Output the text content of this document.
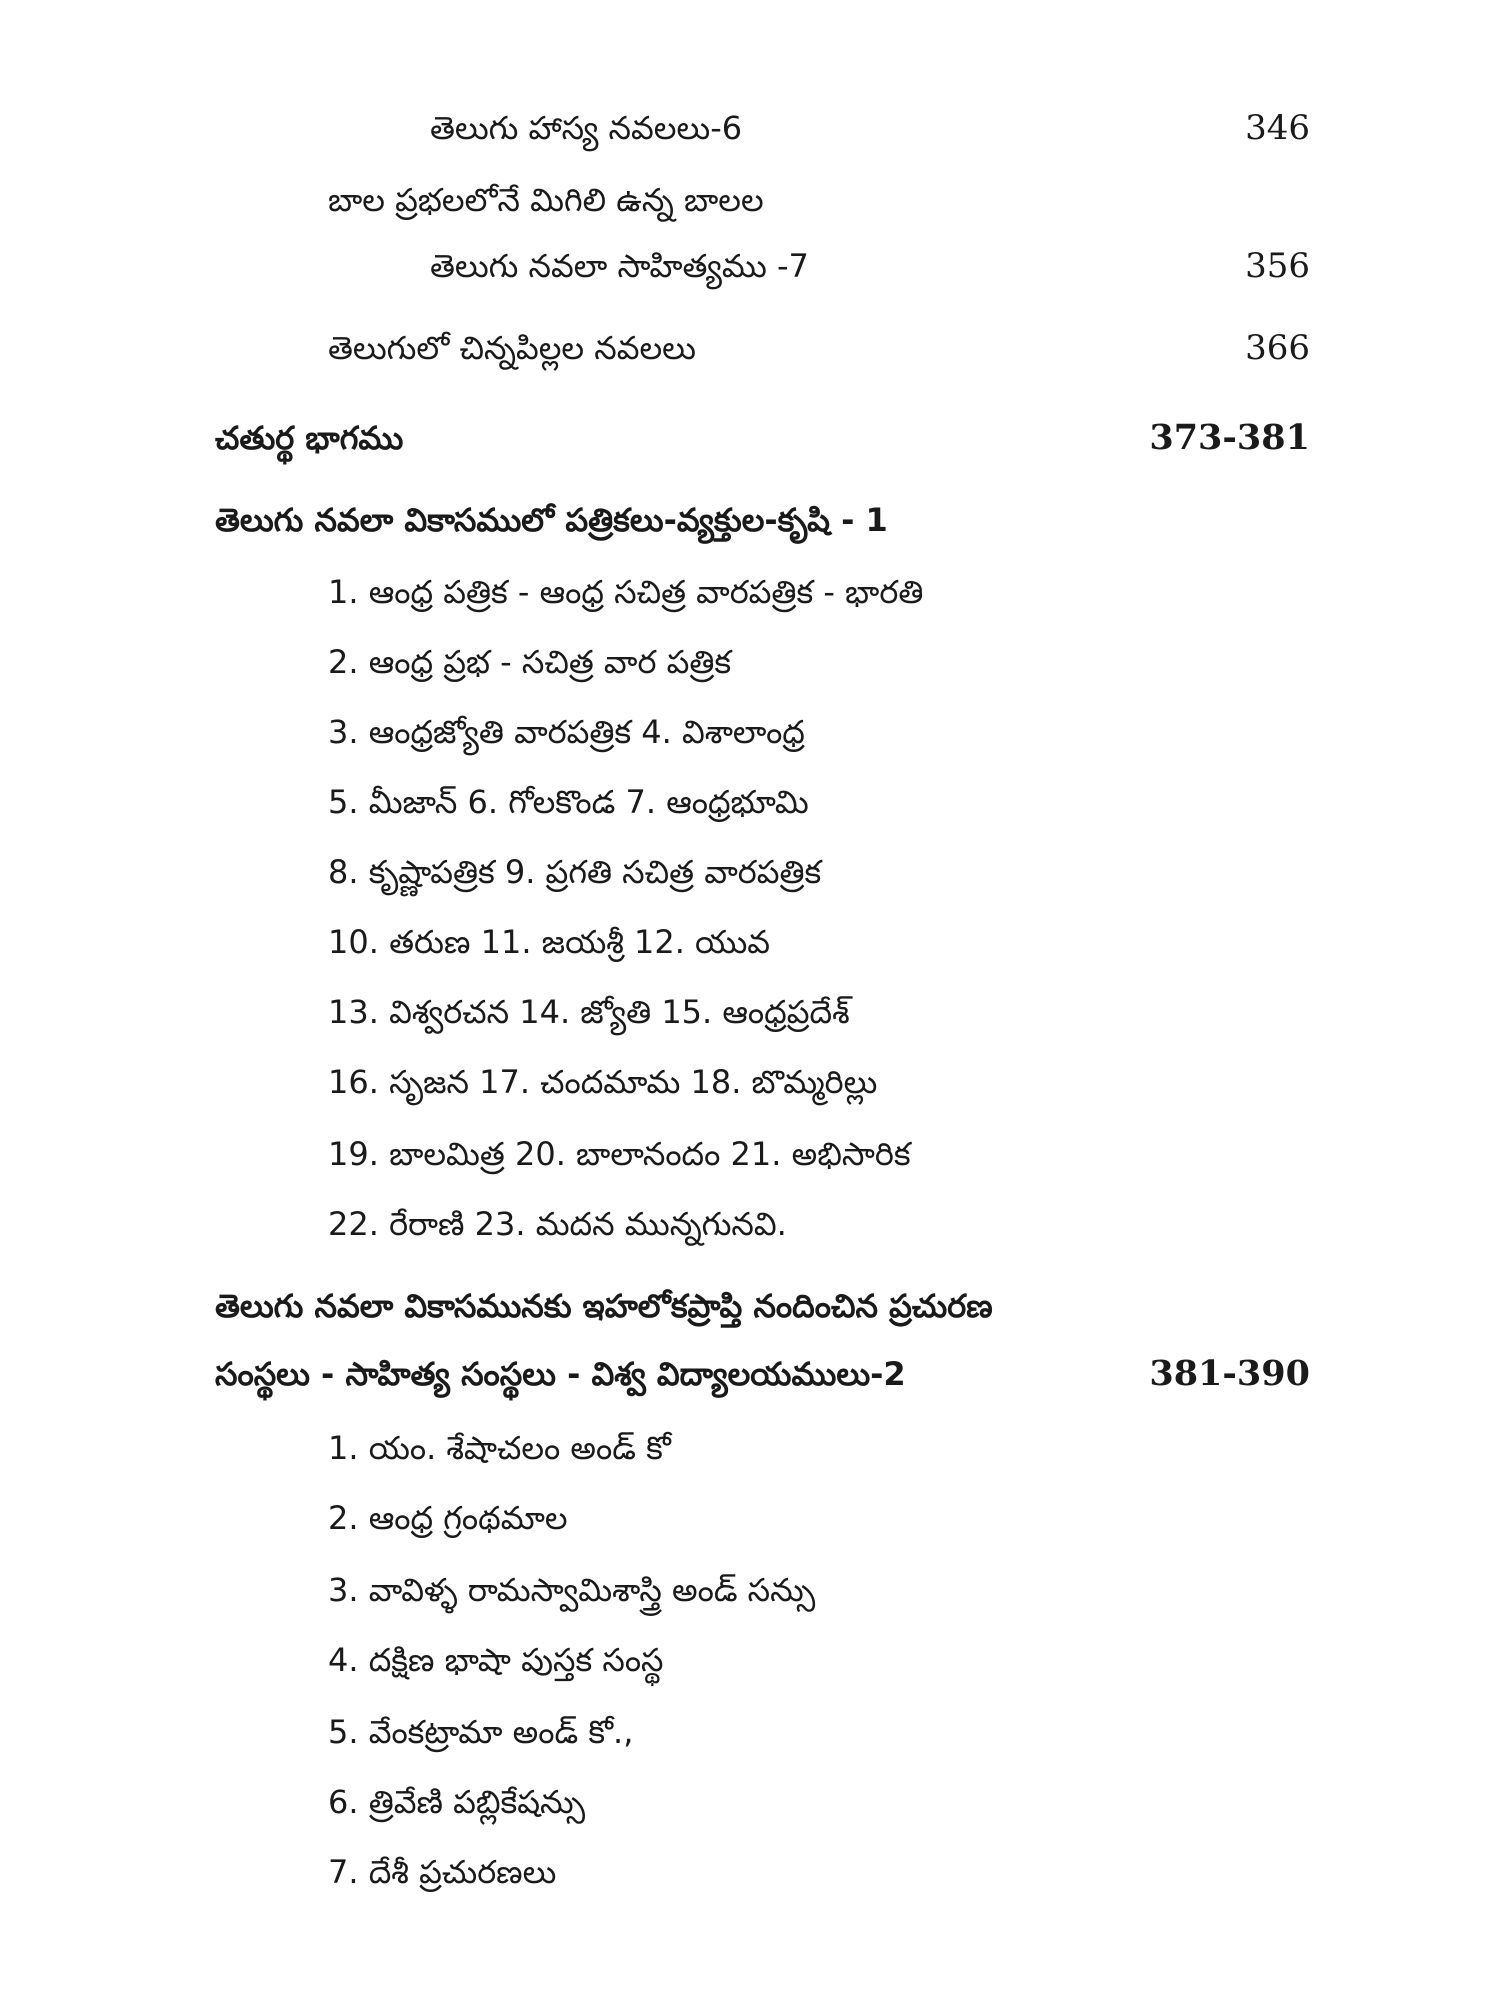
తెలుగు హాస్య నవలలు-6	346
బాల ప్రభలలోనే మిగిలి ఉన్న బాలల
తెలుగు నవలా సాహిత్యము -7	356
తెలుగులో చిన్నపిల్లల నవలలు	366
చతుర్థ భాగము	373-381
తెలుగు నవలా వికాసములో పత్రికలు-వ్యక్తుల-కృషి - 1
1. ఆంధ్ర పత్రిక - ఆంధ్ర సచిత్ర వారపత్రిక - భారతి
2. ఆంధ్ర ప్రభ - సచిత్ర వార పత్రిక
3. ఆంధ్రజ్యోతి వారపత్రిక 4. విశాలాంధ్ర
5. మీజాన్ 6. గోలకొండ 7. ఆంధ్రభూమి
8. కృష్ణాపత్రిక 9. ప్రగతి సచిత్ర వారపత్రిక
10. తరుణ 11. జయశ్రీ 12. యువ
13. విశ్వరచన 14. జ్యోతి 15. ఆంధ్రప్రదేశ్
16. సృజన 17. చందమామ 18. బొమ్మరిల్లు
19. బాలమిత్ర 20. బాలానందం 21. అభిసారిక
22. రేరాణి 23. మదన మున్నగునవి.
తెలుగు నవలా వికాసమునకు ఇహలోకప్రాప్తి నందించిన ప్రచురణ
సంస్థలు - సాహిత్య సంస్థలు - విశ్వ విద్యాలయములు-2	381-390
1. యం. శేషాచలం అండ్ కో
2. ఆంధ్ర గ్రంథమాల
3. వావిళ్ళ రామస్వామిశాస్త్రి అండ్ సన్సు
4. దక్షిణ భాషా పుస్తక సంస్థ
5. వేంకట్రామా అండ్ కో.,
6. త్రివేణి పబ్లికేషన్సు
7. దేశీ ప్రచురణలు
